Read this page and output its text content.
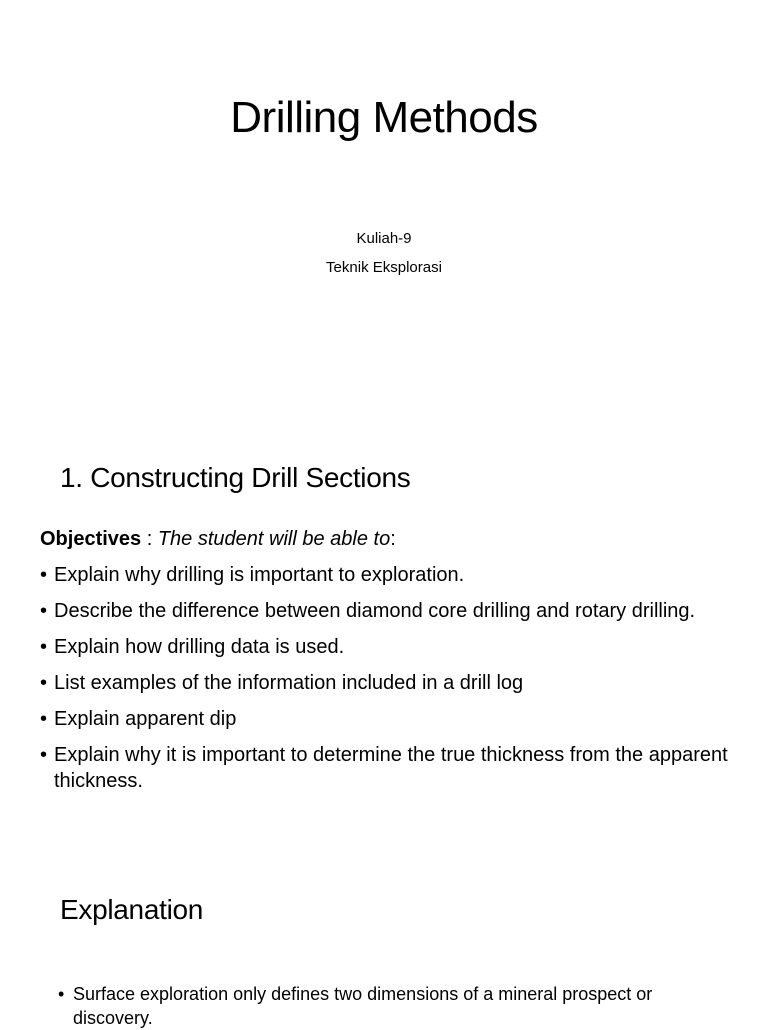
Drilling Methods
Kuliah-9
Teknik Eksplorasi
1. Constructing Drill Sections
Objectives : The student will be able to:
• Explain why drilling is important to exploration.
• Describe the difference between diamond core drilling and rotary drilling.
• Explain how drilling data is used.
• List examples of the information included in a drill log
• Explain apparent dip
• Explain why it is important to determine the true thickness from the apparent thickness.
Explanation
• Surface exploration only defines two dimensions of a mineral prospect or discovery.
